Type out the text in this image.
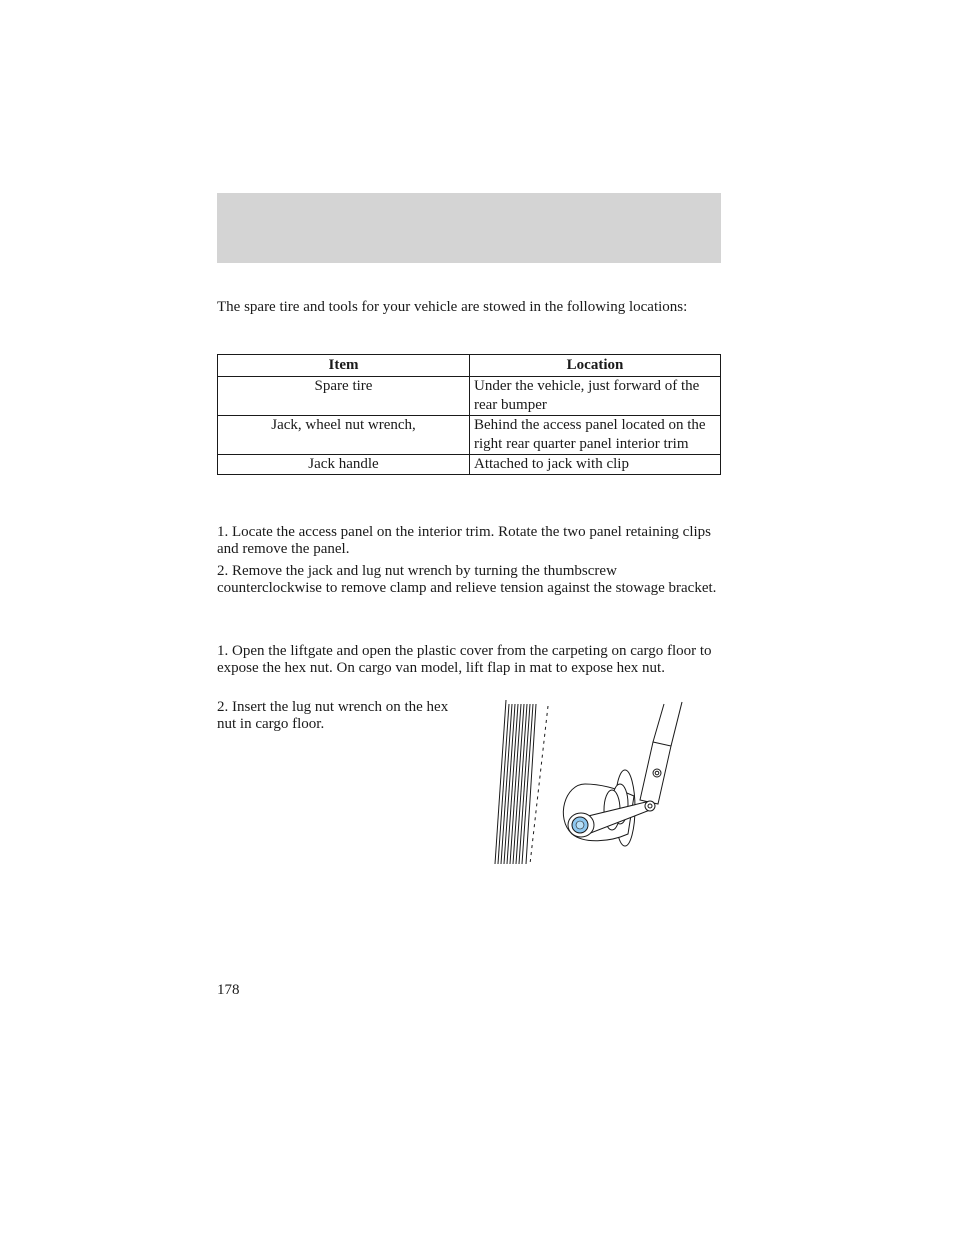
The spare tire and tools for your vehicle are stowed in the following locations:
Item	Location
Spare tire	Under the vehicle, just forward of the rear bumper
Jack, wheel nut wrench,	Behind the access panel located on the right rear quarter panel interior trim
Jack handle	Attached to jack with clip
1. Locate the access panel on the interior trim. Rotate the two panel retaining clips and remove the panel.
2. Remove the jack and lug nut wrench by turning the thumbscrew counterclockwise to remove clamp and relieve tension against the stowage bracket.
1. Open the liftgate and open the plastic cover from the carpeting on cargo floor to expose the hex nut. On cargo van model, lift flap in mat to expose hex nut.
2. Insert the lug nut wrench on the hex nut in cargo floor.
178
